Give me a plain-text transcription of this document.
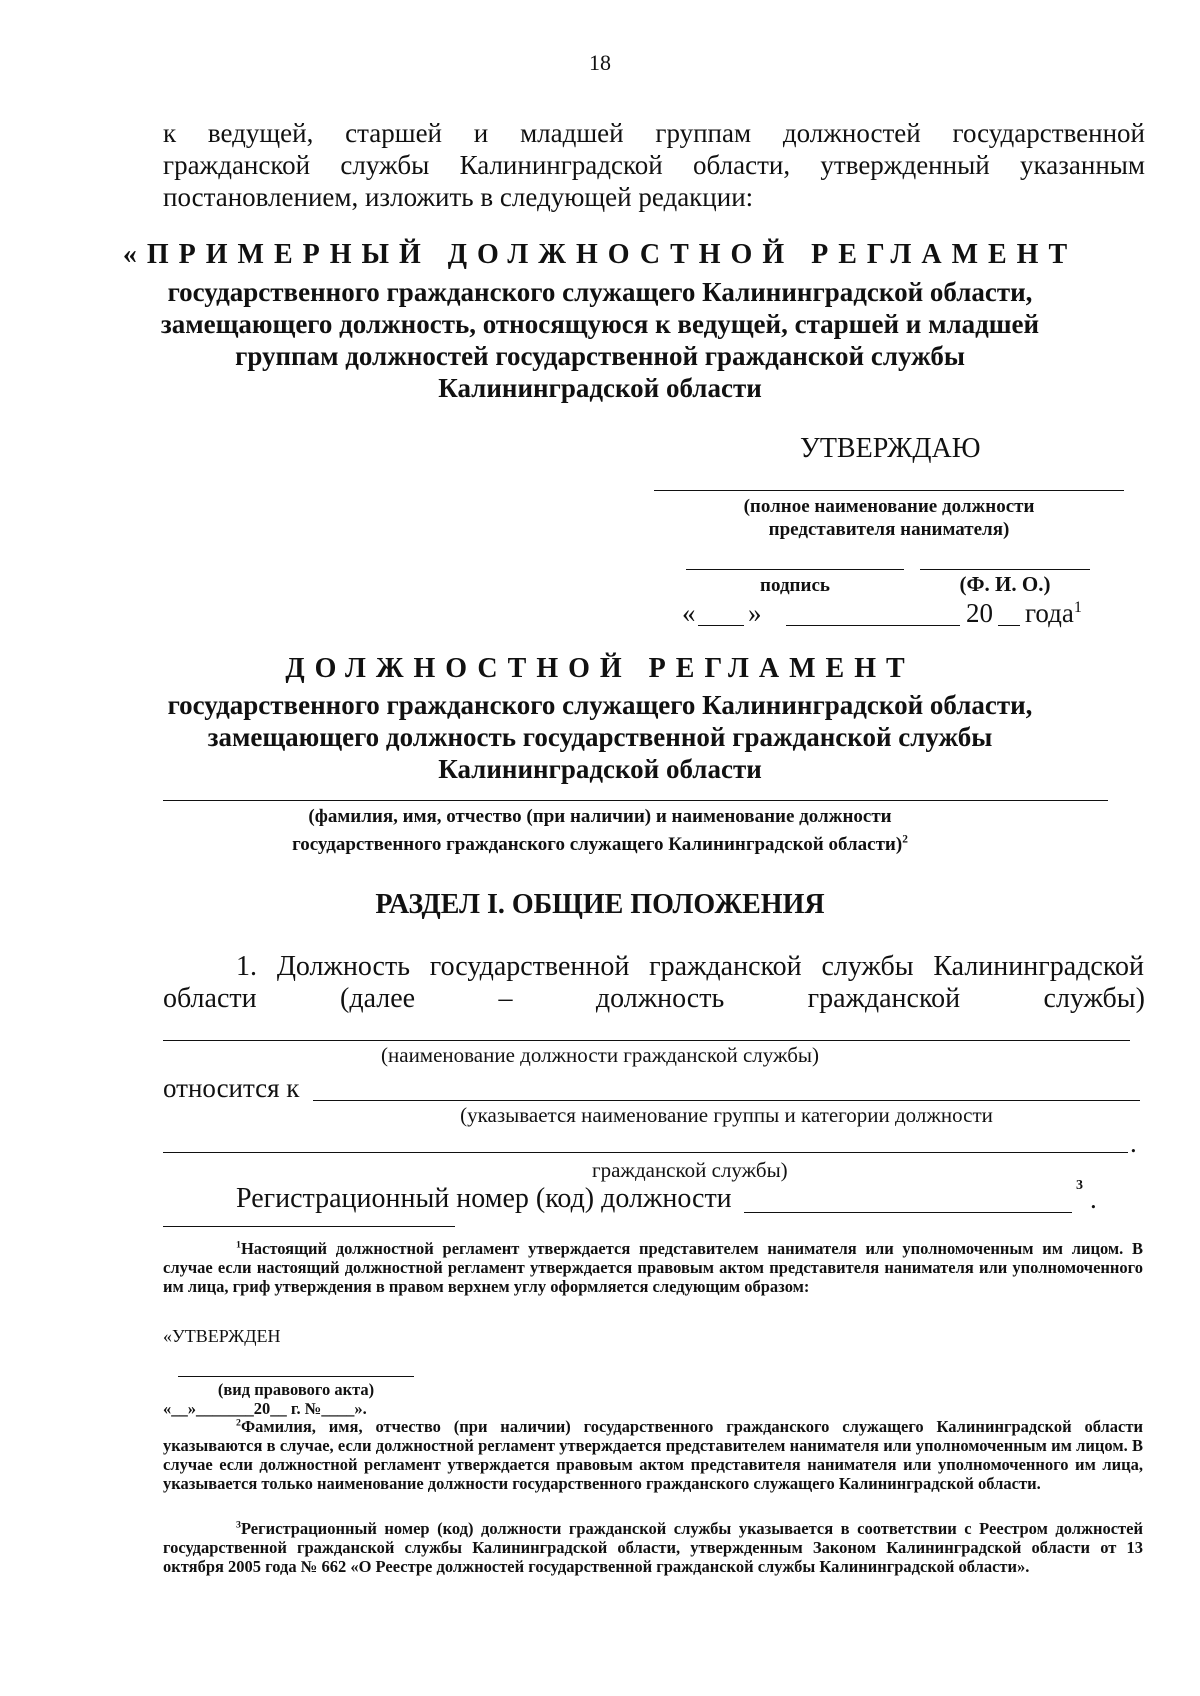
18
к ведущей, старшей и младшей группам должностей государственной
гражданской службы Калининградской области, утвержденный указанным
постановлением, изложить в следующей редакции:
«ПРИМЕРНЫЙ ДОЛЖНОСТНОЙ РЕГЛАМЕНТ
государственного гражданского служащего Калининградской области,
замещающего должность, относящуюся к ведущей, старшей и младшей
группам должностей государственной гражданской службы
Калининградской области
УТВЕРЖДАЮ
(полное наименование должности
представителя нанимателя)
подпись	(Ф. И. О.)
« »	20 года$^1$
ДОЛЖНОСТНОЙ РЕГЛАМЕНТ
государственного гражданского служащего Калининградской области,
замещающего должность государственной гражданской службы
Калининградской области
(фамилия, имя, отчество (при наличии) и наименование должности
государственного гражданского служащего Калининградской области)$^2$
РАЗДЕЛ I. ОБЩИЕ ПОЛОЖЕНИЯ
1. Должность государственной гражданской службы Калининградской
области	(далее	–	должность	гражданской	службы)
(наименование должности гражданской службы)
относится к
(указывается наименование группы и категории должности
.
гражданской службы)
Регистрационный номер (код) должности	3 .
$^1$Настоящий должностной регламент утверждается представителем нанимателя или уполномоченным им лицом. В случае если настоящий должностной регламент утверждается правовым актом представителя нанимателя или уполномоченного им лица, гриф утверждения в правом верхнем углу оформляется следующим образом:
«УТВЕРЖДЕН
(вид правового акта)
«__»_______20__ г. №____».
$^2$Фамилия, имя, отчество (при наличии) государственного гражданского служащего Калининградской области указываются в случае, если должностной регламент утверждается представителем нанимателя или уполномоченным им лицом. В случае если должностной регламент утверждается правовым актом представителя нанимателя или уполномоченного им лица, указывается только наименование должности государственного гражданского служащего Калининградской области.
$^3$Регистрационный номер (код) должности гражданской службы указывается в соответствии с Реестром должностей государственной гражданской службы Калининградской области, утвержденным Законом Калининградской области от 13 октября 2005 года № 662 «О Реестре должностей государственной гражданской службы Калининградской области».
